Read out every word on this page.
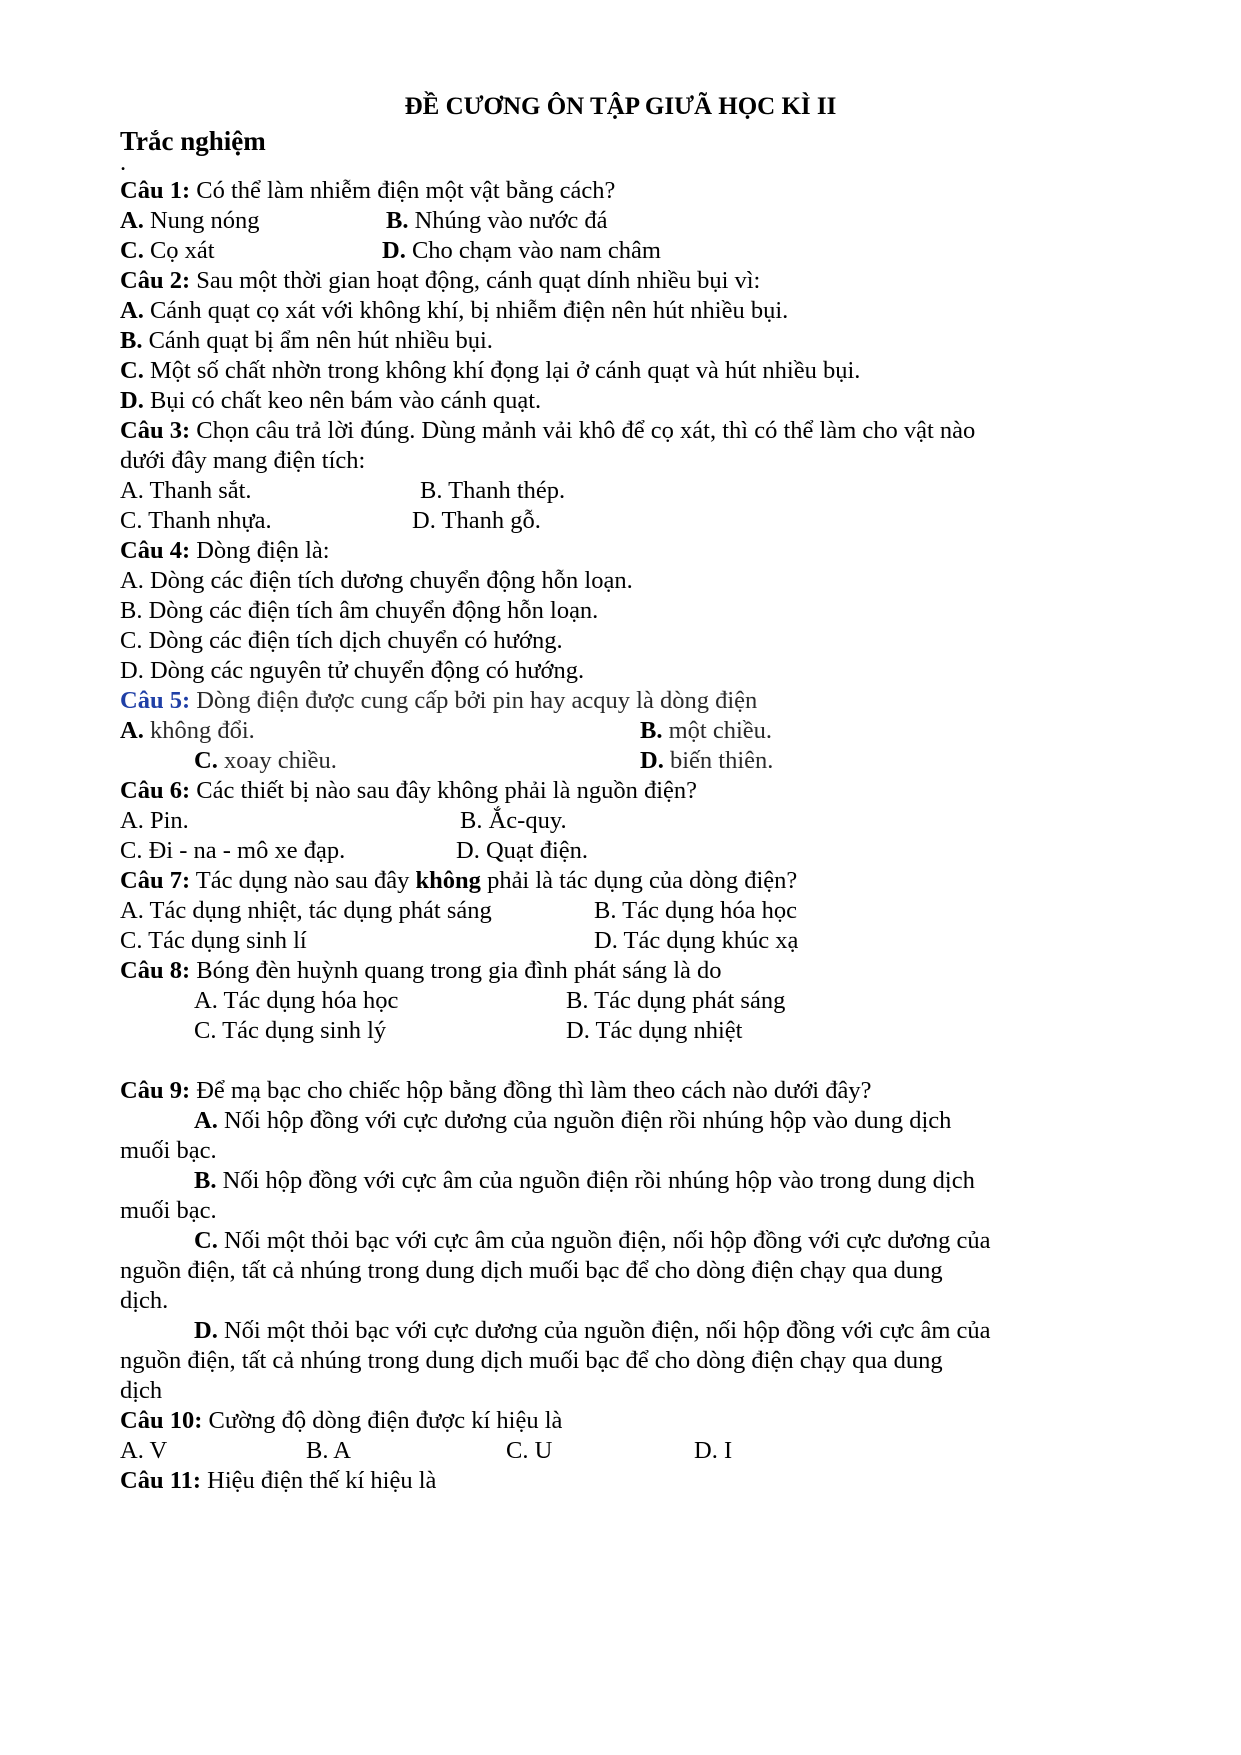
ĐỀ CƯƠNG ÔN TẬP GIƯÃ HỌC KÌ II
Trắc nghiệm
.
Câu 1: Có thể làm nhiễm điện một vật bằng cách?
A. Nung nóng	B. Nhúng vào nước đá
C. Cọ xát	D. Cho chạm vào nam châm
Câu 2: Sau một thời gian hoạt động, cánh quạt dính nhiều bụi vì:
A. Cánh quạt cọ xát với không khí, bị nhiễm điện nên hút nhiều bụi.
B. Cánh quạt bị ẩm nên hút nhiều bụi.
C. Một số chất nhờn trong không khí đọng lại ở cánh quạt và hút nhiều bụi.
D. Bụi có chất keo nên bám vào cánh quạt.
Câu 3: Chọn câu trả lời đúng. Dùng mảnh vải khô để cọ xát, thì có thể làm cho vật nào
dưới đây mang điện tích:
A. Thanh sắt.	B. Thanh thép.
C. Thanh nhựa.	D. Thanh gỗ.
Câu 4: Dòng điện là:
A. Dòng các điện tích dương chuyển động hỗn loạn.
B. Dòng các điện tích âm chuyển động hỗn loạn.
C. Dòng các điện tích dịch chuyển có hướng.
D. Dòng các nguyên tử chuyển động có hướng.
Câu 5: Dòng điện được cung cấp bởi pin hay acquy là dòng điện
A. không đổi.	B. một chiều.
C. xoay chiều.	D. biến thiên.
Câu 6: Các thiết bị nào sau đây không phải là nguồn điện?
A. Pin.	B. Ắc-quy.
C. Đi - na - mô xe đạp.	D. Quạt điện.
Câu 7: Tác dụng nào sau đây không phải là tác dụng của dòng điện?
A. Tác dụng nhiệt, tác dụng phát sáng	B. Tác dụng hóa học
C. Tác dụng sinh lí	D. Tác dụng khúc xạ
Câu 8: Bóng đèn huỳnh quang trong gia đình phát sáng là do
A. Tác dụng hóa học	B. Tác dụng phát sáng
C. Tác dụng sinh lý	D. Tác dụng nhiệt
Câu 9: Để mạ bạc cho chiếc hộp bằng đồng thì làm theo cách nào dưới đây?
A. Nối hộp đồng với cực dương của nguồn điện rồi nhúng hộp vào dung dịch
muối bạc.
B. Nối hộp đồng với cực âm của nguồn điện rồi nhúng hộp vào trong dung dịch
muối bạc.
C. Nối một thỏi bạc với cực âm của nguồn điện, nối hộp đồng với cực dương của
nguồn điện, tất cả nhúng trong dung dịch muối bạc để cho dòng điện chạy qua dung
dịch.
D. Nối một thỏi bạc với cực dương của nguồn điện, nối hộp đồng với cực âm của
nguồn điện, tất cả nhúng trong dung dịch muối bạc để cho dòng điện chạy qua dung
dịch
Câu 10: Cường độ dòng điện được kí hiệu là
A. V	B. A	C. U	D. I
Câu 11: Hiệu điện thế kí hiệu là
